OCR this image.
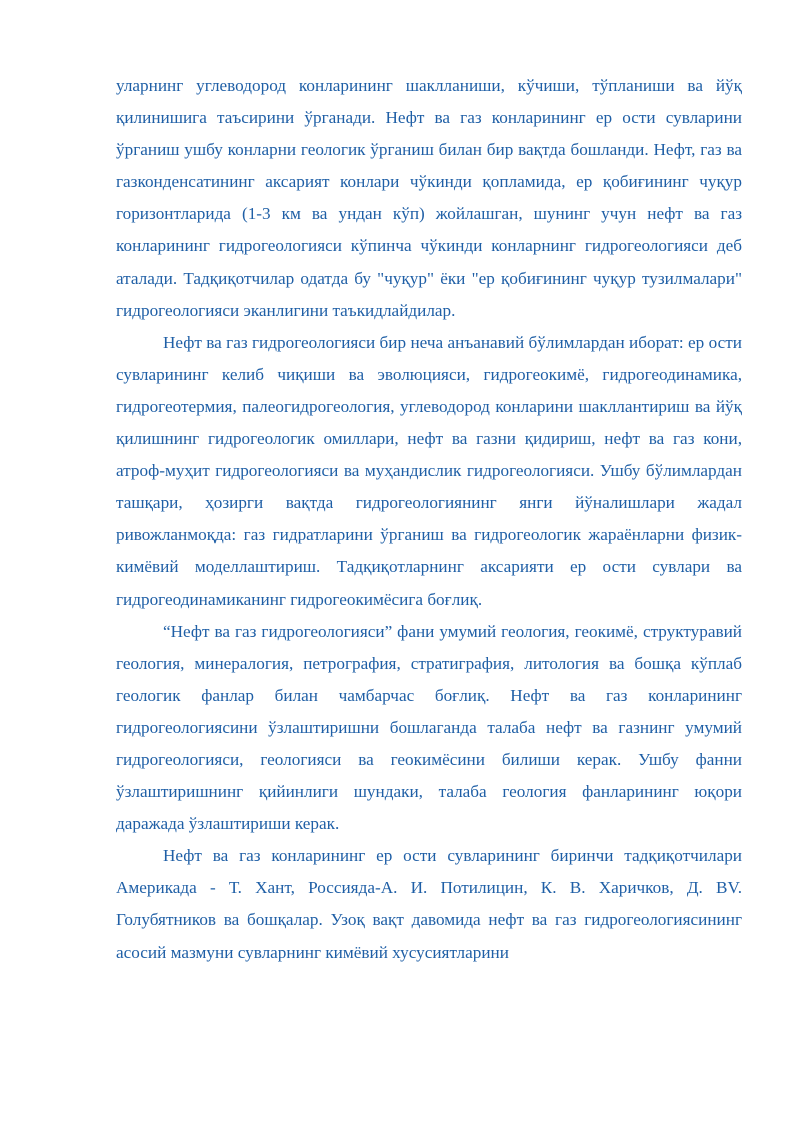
уларнинг углеводород конларининг шаклланиши, кўчиши, тўпланиши ва йўқ қилинишига таъсирини ўрганади. Нефт ва газ конларининг ер ости сувларини ўрганиш ушбу конларни геологик ўрганиш билан бир вақтда бошланди. Нефт, газ ва газконденсатининг аксарият конлари чўкинди қопламида, ер қобиғининг чуқур горизонтларида (1-3 км ва ундан кўп) жойлашган, шунинг учун нефт ва газ конларининг гидрогеологияси кўпинча чўкинди конларнинг гидрогеологияси деб аталади. Тадқиқотчилар одатда бу "чуқур" ёки "ер қобиғининг чуқур тузилмалари" гидрогеологияси эканлигини таъкидлайдилар.

Нефт ва газ гидрогеологияси бир неча анъанавий бўлимлардан иборат: ер ости сувларининг келиб чиқиши ва эволюцияси, гидрогеокимё, гидрогеодинамика, гидрогеотермия, палеогидрогеология, углеводород конларини шакллантириш ва йўқ қилишнинг гидрогеологик омиллари, нефт ва газни қидириш, нефт ва газ кони, атроф-муҳит гидрогеологияси ва муҳандислик гидрогеологияси. Ушбу бўлимлардан ташқари, ҳозирги вақтда гидрогеологиянинг янги йўналишлари жадал ривожланмоқда: газ гидратларини ўрганиш ва гидрогеологик жараёнларни физик-кимёвий моделлаштириш. Тадқиқотларнинг аксарияти ер ости сувлари ва гидрогеодинамиканинг гидрогеокимёсига боғлиқ.

“Нефт ва газ гидрогеологияси” фани умумий геология, геокимё, структуравий геология, минералогия, петрография, стратиграфия, литология ва бошқа кўплаб геологик фанлар билан чамбарчас боғлиқ. Нефт ва газ конларининг гидрогеологиясини ўзлаштиришни бошлаганда талаба нефт ва газнинг умумий гидрогеологияси, геологияси ва геокимёсини билиши керак. Ушбу фанни ўзлаштиришнинг қийинлиги шундаки, талаба геология фанларининг юқори даражада ўзлаштириши керак.

Нефт ва газ конларининг ер ости сувларининг биринчи тадқиқотчилари Америкада - Т. Хант, Россияда-А. И. Потилицин, К. В. Харичков, Д. BV. Голубятников ва бошқалар. Узоқ вақт давомида нефт ва газ гидрогеологиясининг асосий мазмуни сувларнинг кимёвий хусусиятларини
